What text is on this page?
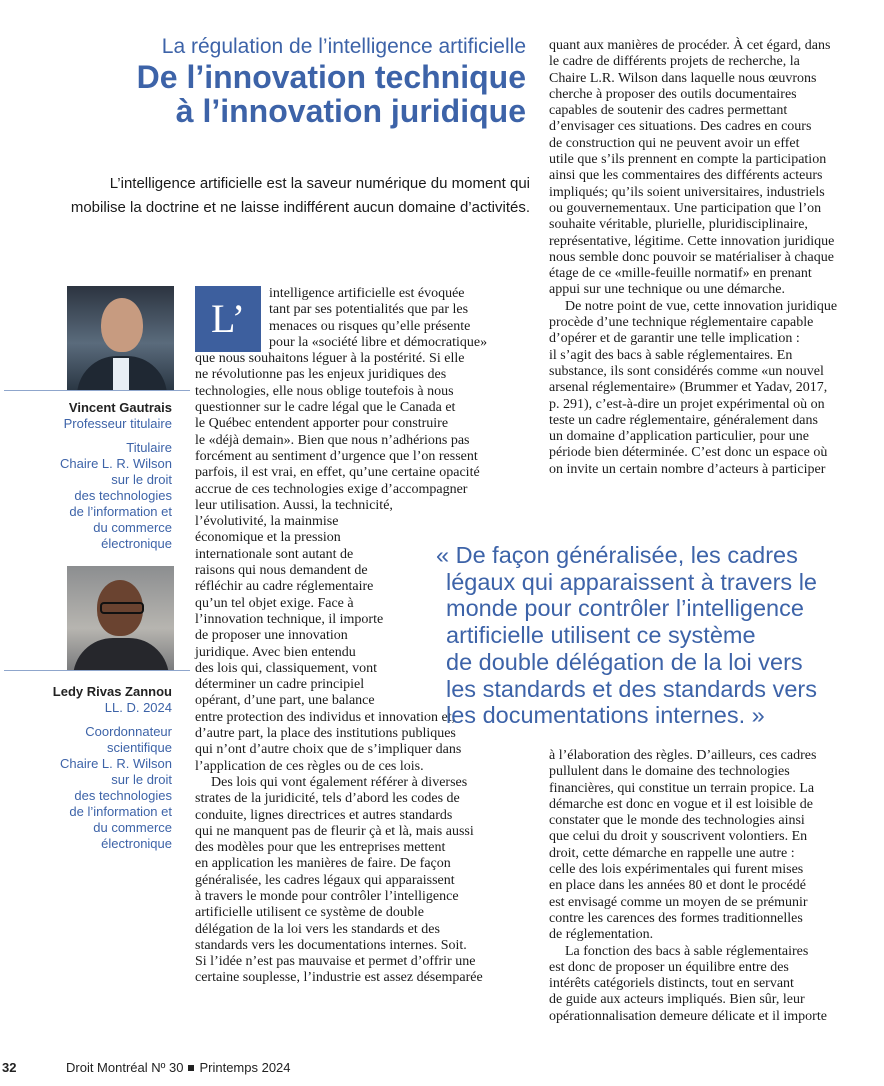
La régulation de l’intelligence artificielle
De l’innovation technique
à l’innovation juridique
L’intelligence artificielle est la saveur numérique du moment qui
mobilise la doctrine et ne laisse indifférent aucun domaine d’activités.
Vincent Gautrais
Professeur titulaire
Titulaire
Chaire L. R. Wilson
sur le droit
des technologies
de l’information et
du commerce
électronique
Ledy Rivas Zannou
LL. D. 2024
Coordonnateur
scientifique
Chaire L. R. Wilson
sur le droit
des technologies
de l’information et
du commerce
électronique
L’
intelligence artificielle est évoquée
tant par ses potentialités que par les
menaces ou risques qu’elle présente
pour la «société libre et démocratique»
que nous souhaitons léguer à la postérité. Si elle
ne révolutionne pas les enjeux juridiques des
technologies, elle nous oblige toutefois à nous
questionner sur le cadre légal que le Canada et
le Québec entendent apporter pour construire
le «déjà demain». Bien que nous n’adhérions pas
forcément au sentiment d’urgence que l’on ressent
parfois, il est vrai, en effet, qu’une certaine opacité
accrue de ces technologies exige d’accompagner
leur utilisation. Aussi, la technicité,
l’évolutivité, la mainmise
économique et la pression
internationale sont autant de
raisons qui nous demandent de
réfléchir au cadre réglementaire
qu’un tel objet exige. Face à
l’innovation technique, il importe
de proposer une innovation
juridique. Avec bien entendu
des lois qui, classiquement, vont
déterminer un cadre principiel
opérant, d’une part, une balance
entre protection des individus et innovation et,
d’autre part, la place des institutions publiques
qui n’ont d’autre choix que de s’impliquer dans
l’application de ces règles ou de ces lois.
Des lois qui vont également référer à diverses
strates de la juridicité, tels d’abord les codes de
conduite, lignes directrices et autres standards
qui ne manquent pas de fleurir çà et là, mais aussi
des modèles pour que les entreprises mettent
en application les manières de faire. De façon
généralisée, les cadres légaux qui apparaissent
à travers le monde pour contrôler l’intelligence
artificielle utilisent ce système de double
délégation de la loi vers les standards et des
standards vers les documentations internes. Soit.
Si l’idée n’est pas mauvaise et permet d’offrir une
certaine souplesse, l’industrie est assez désemparée
quant aux manières de procéder. À cet égard, dans
le cadre de différents projets de recherche, la
Chaire L.R. Wilson dans laquelle nous œuvrons
cherche à proposer des outils documentaires
capables de soutenir des cadres permettant
d’envisager ces situations. Des cadres en cours
de construction qui ne peuvent avoir un effet
utile que s’ils prennent en compte la participation
ainsi que les commentaires des différents acteurs
impliqués; qu’ils soient universitaires, industriels
ou gouvernementaux. Une participation que l’on
souhaite véritable, plurielle, pluridisciplinaire,
représentative, légitime. Cette innovation juridique
nous semble donc pouvoir se matérialiser à chaque
étage de ce «mille-feuille normatif» en prenant
appui sur une technique ou une démarche.
De notre point de vue, cette innovation juridique
procède d’une technique réglementaire capable
d’opérer et de garantir une telle implication :
il s’agit des bacs à sable réglementaires. En
substance, ils sont considérés comme «un nouvel
arsenal réglementaire» (Brummer et Yadav, 2017,
p. 291), c’est-à-dire un projet expérimental où on
teste un cadre réglementaire, généralement dans
un domaine d’application particulier, pour une
période bien déterminée. C’est donc un espace où
on invite un certain nombre d’acteurs à participer
à l’élaboration des règles. D’ailleurs, ces cadres
pullulent dans le domaine des technologies
financières, qui constitue un terrain propice. La
démarche est donc en vogue et il est loisible de
constater que le monde des technologies ainsi
que celui du droit y souscrivent volontiers. En
droit, cette démarche en rappelle une autre :
celle des lois expérimentales qui furent mises
en place dans les années 80 et dont le procédé
est envisagé comme un moyen de se prémunir
contre les carences des formes traditionnelles
de réglementation.
La fonction des bacs à sable réglementaires
est donc de proposer un équilibre entre des
intérêts catégoriels distincts, tout en servant
de guide aux acteurs impliqués. Bien sûr, leur
opérationnalisation demeure délicate et il importe
« De façon généralisée, les cadres
légaux qui apparaissent à travers le
monde pour contrôler l’intelligence
artificielle utilisent ce système
de double délégation de la loi vers
les standards et des standards vers
les documentations internes. »
32	Droit Montréal Nº 30 Printemps 2024
